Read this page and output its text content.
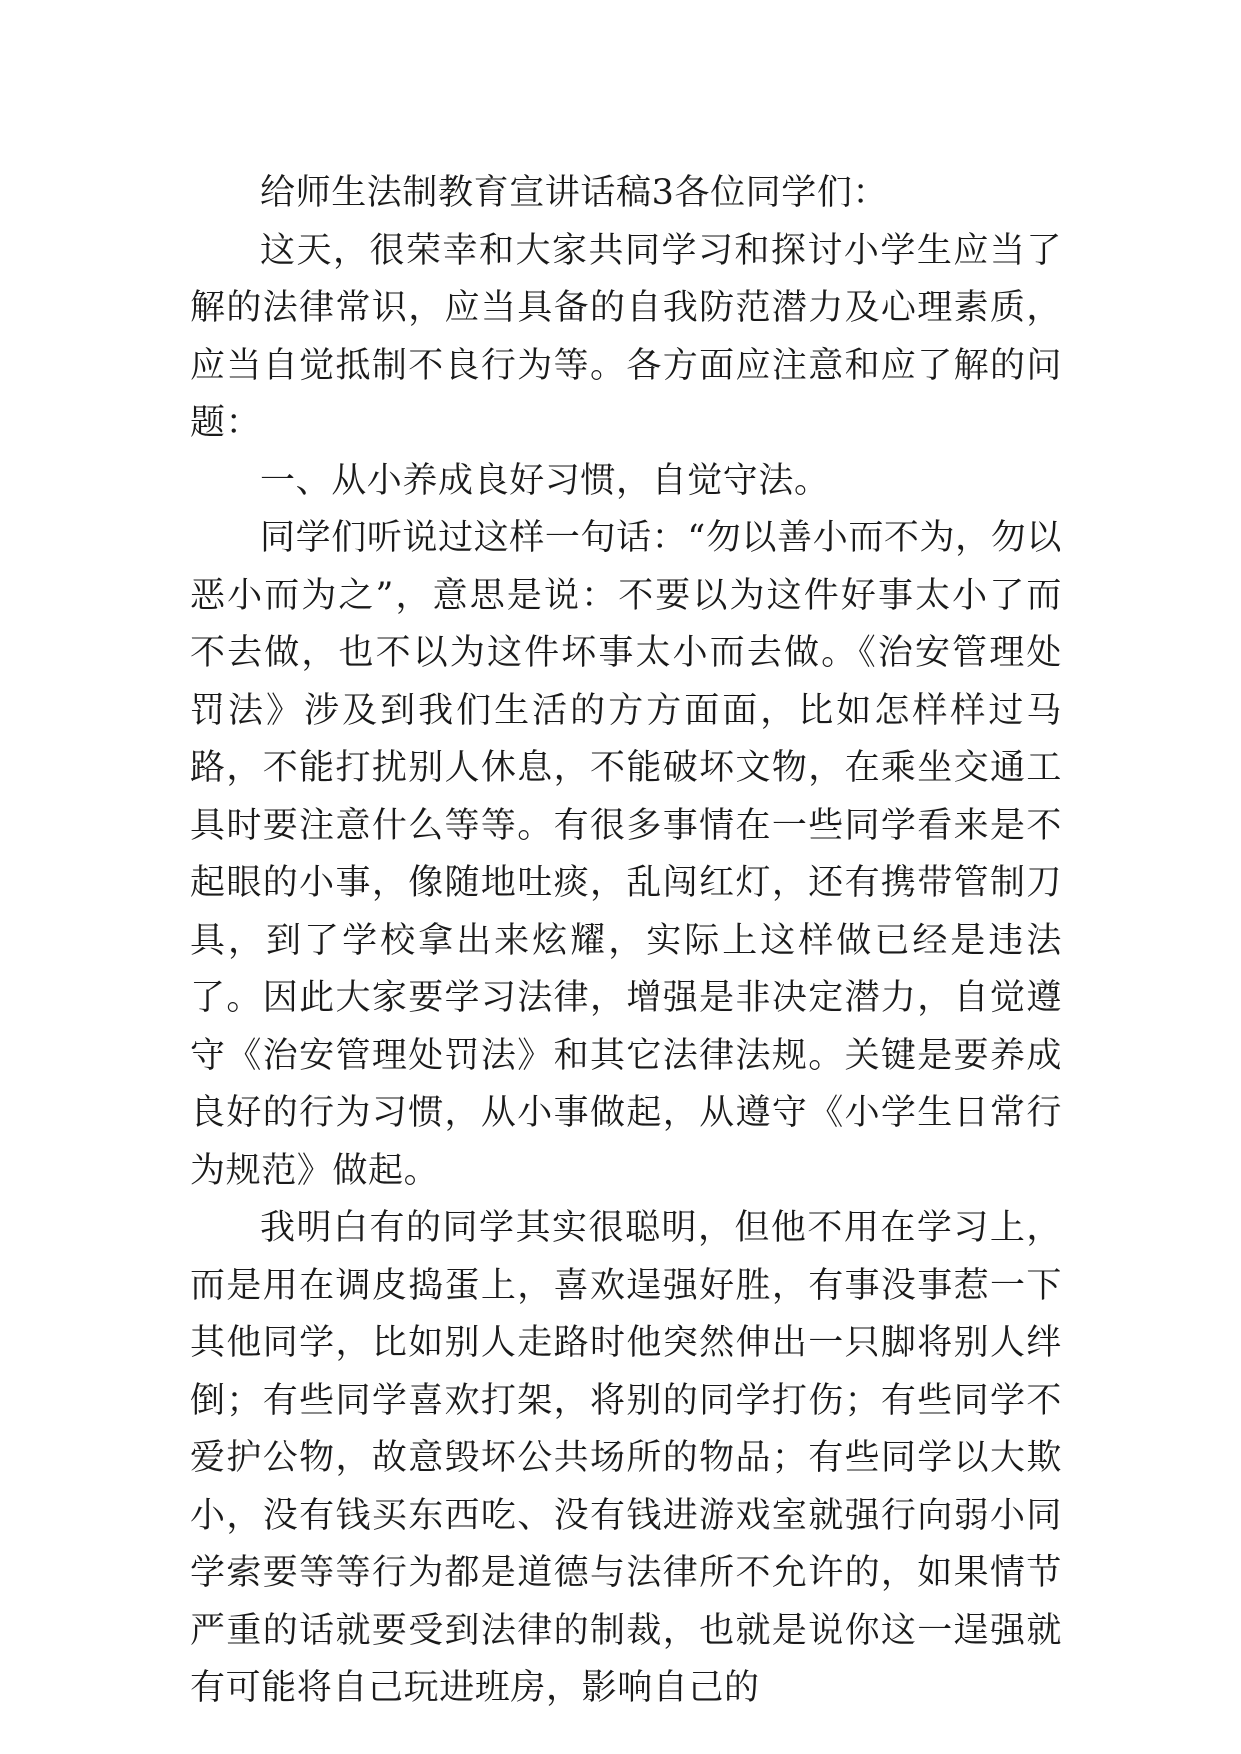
给师生法制教育宣讲话稿3各位同学们：

这天，很荣幸和大家共同学习和探讨小学生应当了解的法律常识，应当具备的自我防范潜力及心理素质，应当自觉抵制不良行为等。各方面应注意和应了解的问题：

一、从小养成良好习惯，自觉守法。

同学们听说过这样一句话：“勿以善小而不为，勿以恶小而为之”，意思是说：不要以为这件好事太小了而不去做，也不以为这件坏事太小而去做。《治安管理处罚法》涉及到我们生活的方方面面，比如怎样样过马路，不能打扰别人休息，不能破坏文物，在乘坐交通工具时要注意什么等等。有很多事情在一些同学看来是不起眼的小事，像随地吐痰，乱闯红灯，还有携带管制刀具，到了学校拿出来炫耀，实际上这样做已经是违法了。因此大家要学习法律，增强是非决定潜力，自觉遵守《治安管理处罚法》和其它法律法规。关键是要养成良好的行为习惯，从小事做起，从遵守《小学生日常行为规范》做起。

我明白有的同学其实很聪明，但他不用在学习上，而是用在调皮捣蛋上，喜欢逞强好胜，有事没事惹一下其他同学，比如别人走路时他突然伸出一只脚将别人绊倒；有些同学喜欢打架，将别的同学打伤；有些同学不爱护公物，故意毁坏公共场所的物品；有些同学以大欺小，没有钱买东西吃、没有钱进游戏室就强行向弱小同学索要等等行为都是道德与法律所不允许的，如果情节严重的话就要受到法律的制裁，也就是说你这一逞强就有可能将自己玩进班房，影响自己的
